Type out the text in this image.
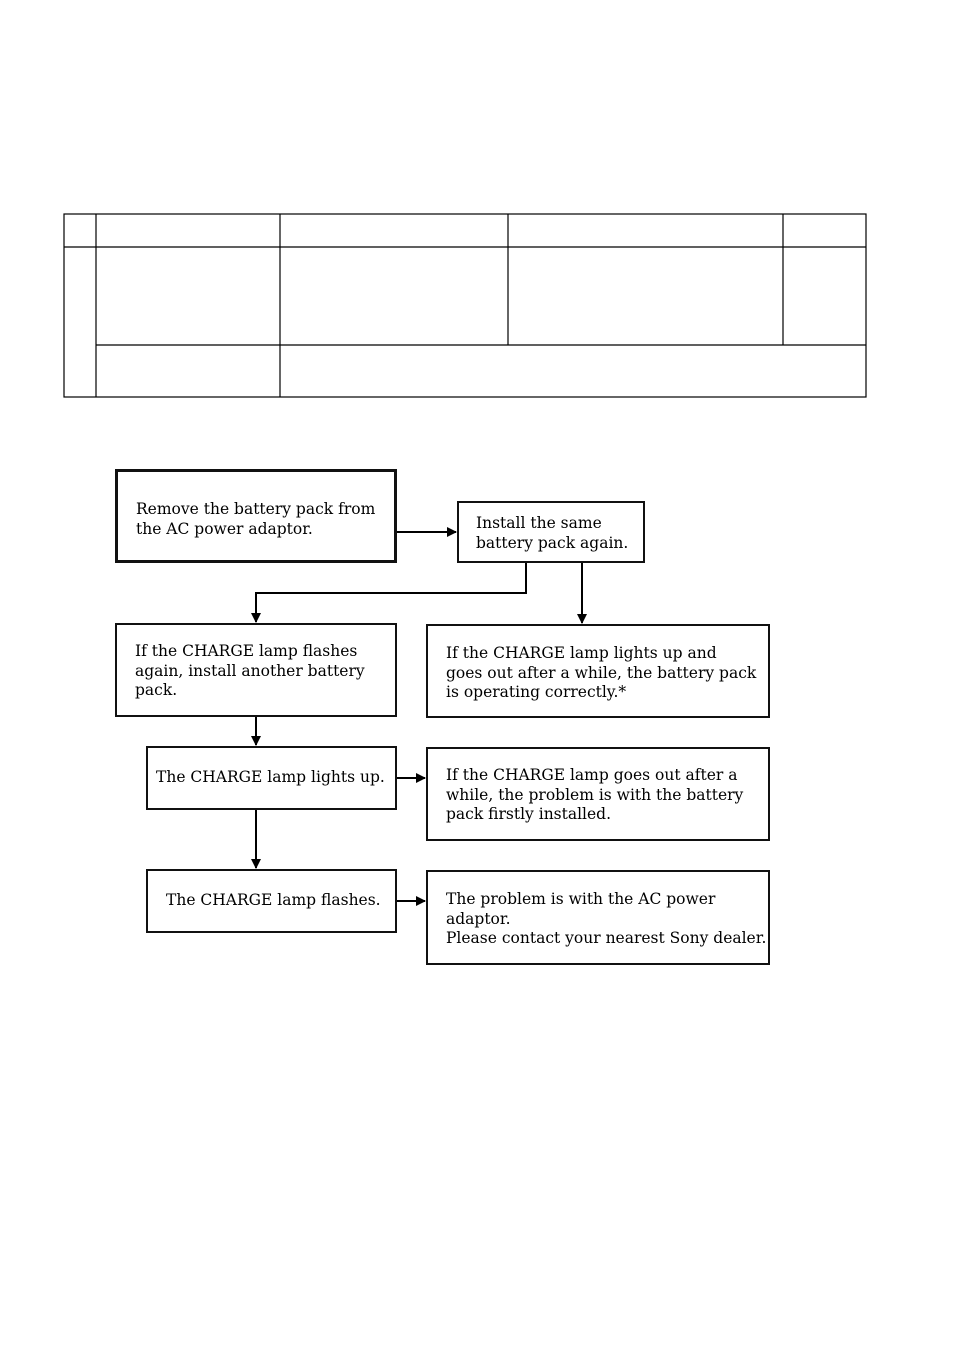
Remove the battery pack from
the AC power adaptor.	Install the same
battery pack again.
If the CHARGE lamp flashes
again, install another battery
pack.
If the CHARGE lamp lights up and
goes out after a while, the battery pack
is operating correctly.*
The CHARGE lamp lights up.	If the CHARGE lamp goes out after a
while, the problem is with the battery
pack firstly installed.
The CHARGE lamp flashes.	The problem is with the AC power
adaptor.
Please contact your nearest Sony dealer.
